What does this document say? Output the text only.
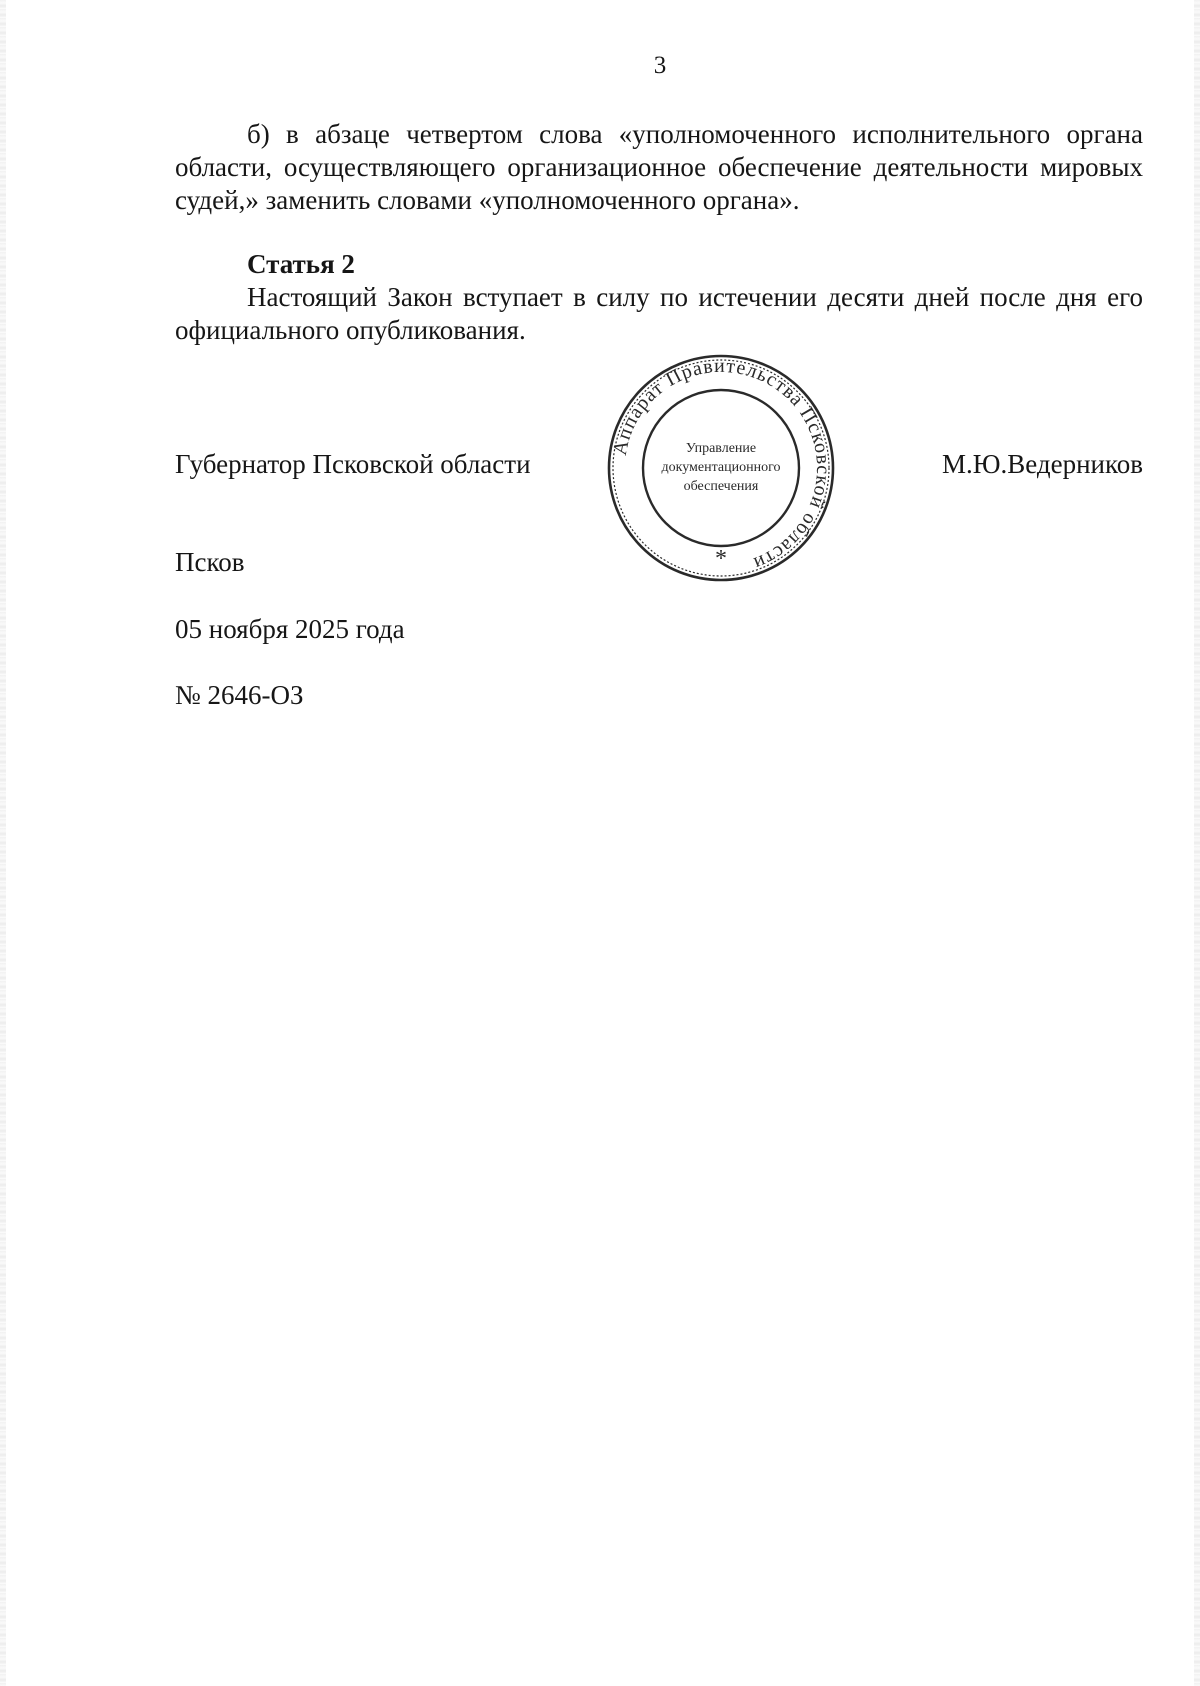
3

б) в абзаце четвертом слова «уполномоченного исполнительного органа области, осуществляющего организационное обеспечение деятельности мировых судей,» заменить словами «уполномоченного органа».

Статья 2

Настоящий Закон вступает в силу по истечении десяти дней после дня его официального опубликования.

Губернатор Псковской области	М.Ю.Ведерников
Аппарат Правительства Псковской области
Управление
документационного
обеспечения
*
Псков
05 ноября 2025 года
№ 2646-ОЗ
